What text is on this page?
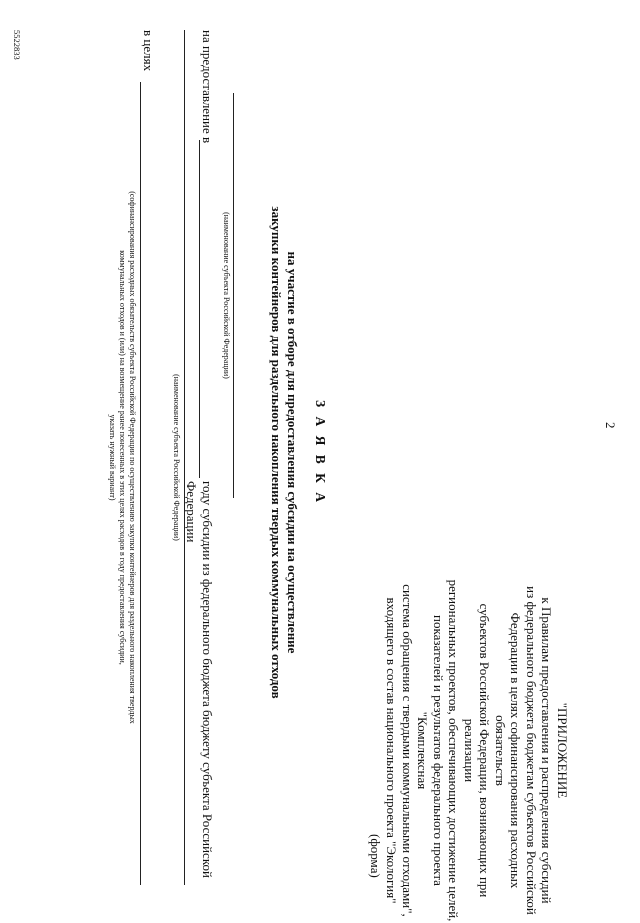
2
"ПРИЛОЖЕНИЕ
к Правилам предоставления и распределения субсидий
из федерального бюджета бюджетам субъектов Российской
Федерации в целях софинансирования расходных обязательств
субъектов Российской Федерации, возникающих при реализации
региональных проектов, обеспечивающих достижение целей,
показателей и результатов федерального проекта "Комплексная
система обращения с твердыми коммунальными отходами",
входящего в состав национального проекта "Экология"
(форма)
З А Я В К А
на участие в отборе для предоставления субсидии на осуществление
закупки контейнеров для раздельного накопления твердых коммунальных отходов
(наименование субъекта Российской Федерации)
на предоставление в
году субсидии из федерального бюджета бюджету субъекта Российской Федерации
(наименование субъекта Российской Федерации)
в целях
(софинансирования расходных обязательств субъекта Российской Федерации по осуществлению закупки контейнеров для раздельного накопления твердых
коммунальных отходов и (или) на возмещение ранее понесенных в этих целях расходов в году предоставления субсидии,
указать нужный вариант)
5522833
